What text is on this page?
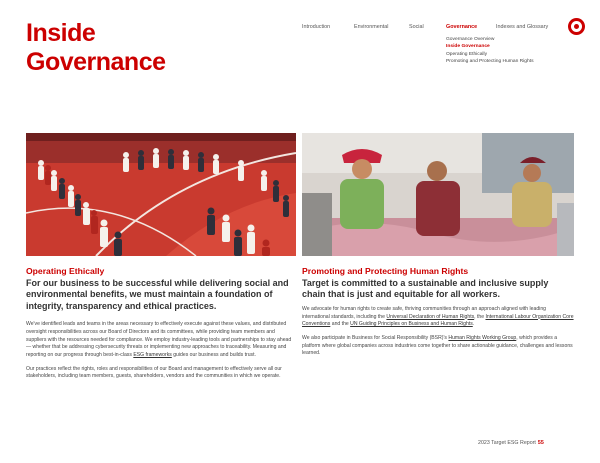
Inside
Governance
Introduction	Environmental	Social	Governance	Indexes and Glossary
Governance Overview
Inside Governance
Operating Ethically
Promoting and Protecting Human Rights
Operating Ethically
For our business to be successful while delivering social and environmental benefits, we must maintain a foundation of integrity, transparency and ethical practices.

We've identified leads and teams in the areas necessary to effectively execute against these values, and distributed oversight responsibilities across our Board of Directors and its committees, while providing team members and suppliers with the resources needed for compliance. We employ industry-leading tools and partnerships to stay ahead — whether that be addressing cybersecurity threats or implementing new approaches to traceability. Measuring and reporting on our progress through best-in-class ESG frameworks guides our business and builds trust.

Our practices reflect the rights, roles and responsibilities of our Board and management to effectively serve all our stakeholders, including team members, guests, shareholders, vendors and the communities in which we operate.

Promoting and Protecting Human Rights
Target is committed to a sustainable and inclusive supply chain that is just and equitable for all workers.

We advocate for human rights to create safe, thriving communities through an approach aligned with leading international standards, including the Universal Declaration of Human Rights, the International Labour Organization Core Conventions and the UN Guiding Principles on Business and Human Rights.

We also participate in Business for Social Responsibility (BSR)'s Human Rights Working Group, which provides a platform where global companies across industries come together to share actionable guidance, challenges and lessons learned.

2023 Target ESG Report 55
